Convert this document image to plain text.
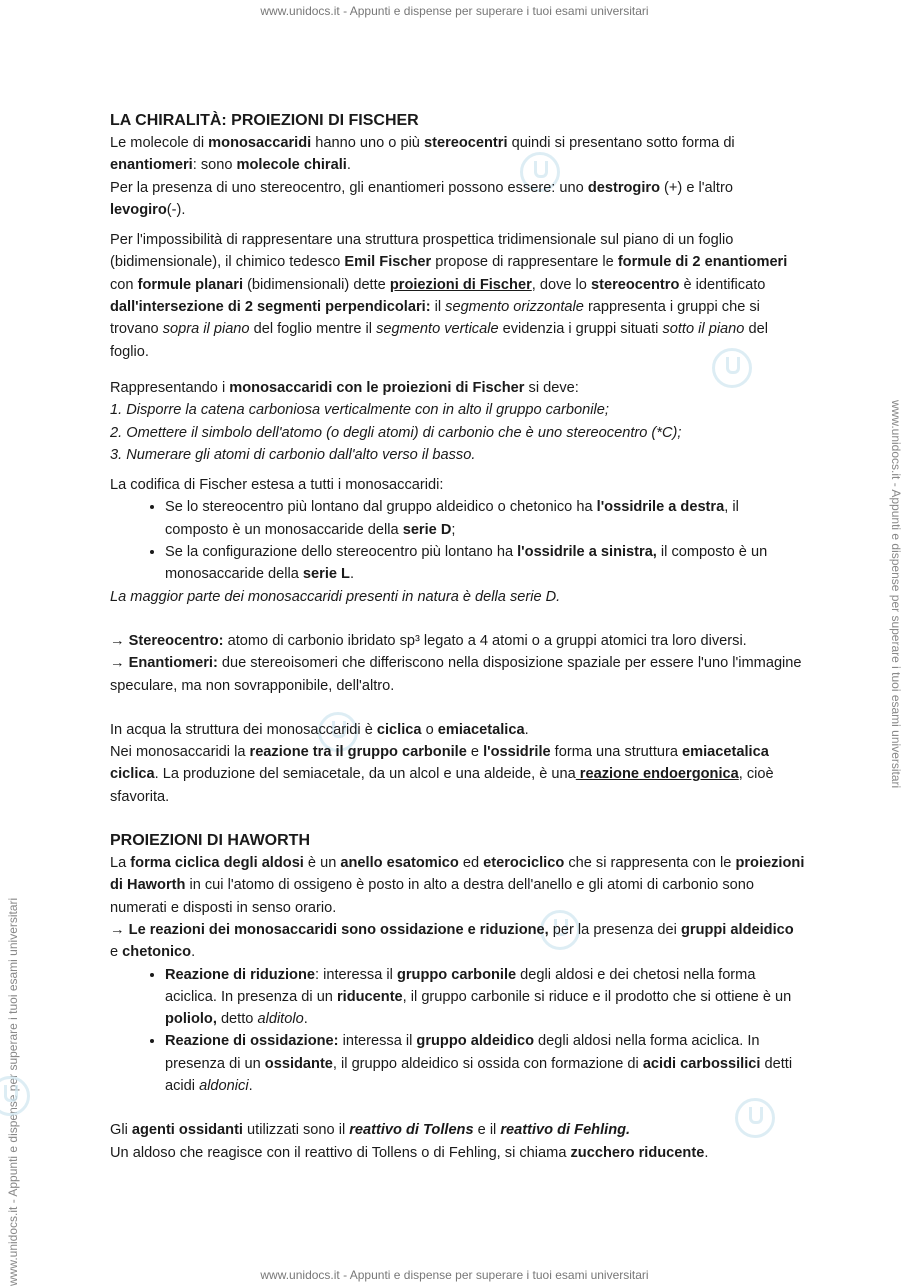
www.unidocs.it - Appunti e dispense per superare i tuoi esami universitari
www.unidocs.it - Appunti e dispense per superare i tuoi esami universitari
www.unidocs.it - Appunti e dispense per superare i tuoi esami universitari
www.unidocs.it - Appunti e dispense per superare i tuoi esami universitari
LA CHIRALITÀ: PROIEZIONI DI FISCHER

Le molecole di monosaccaridi hanno uno o più stereocentri quindi si presentano sotto forma di enantiomeri: sono molecole chirali.

Per la presenza di uno stereocentro, gli enantiomeri possono essere: uno destrogiro (+) e l'altro levogiro(-).

Per l'impossibilità di rappresentare una struttura prospettica tridimensionale sul piano di un foglio (bidimensionale), il chimico tedesco Emil Fischer propose di rappresentare le formule di 2 enantiomeri con formule planari (bidimensionali) dette proiezioni di Fischer, dove lo stereocentro è identificato dall'intersezione di 2 segmenti perpendicolari: il segmento orizzontale rappresenta i gruppi che si trovano sopra il piano del foglio mentre il segmento verticale evidenzia i gruppi situati sotto il piano del foglio.

Rappresentando i monosaccaridi con le proiezioni di Fischer si deve:

1. Disporre la catena carboniosa verticalmente con in alto il gruppo carbonile;

2. Omettere il simbolo dell'atomo (o degli atomi) di carbonio che è uno stereocentro (*C);

3. Numerare gli atomi di carbonio dall'alto verso il basso.

La codifica di Fischer estesa a tutti i monosaccaridi:

• Se lo stereocentro più lontano dal gruppo aldeidico o chetonico ha l'ossidrile a destra, il composto è un monosaccaride della serie D;
• Se la configurazione dello stereocentro più lontano ha l'ossidrile a sinistra, il composto è un monosaccaride della serie L.

La maggior parte dei monosaccaridi presenti in natura è della serie D.

→ Stereocentro: atomo di carbonio ibridato sp³ legato a 4 atomi o a gruppi atomici tra loro diversi.

→ Enantiomeri: due stereoisomeri che differiscono nella disposizione spaziale per essere l'uno l'immagine speculare, ma non sovrapponibile, dell'altro.

In acqua la struttura dei monosaccaridi è ciclica o emiacetalica.

Nei monosaccaridi la reazione tra il gruppo carbonile e l'ossidrile forma una struttura emiacetalica ciclica. La produzione del semiacetale, da un alcol e una aldeide, è una reazione endoergonica, cioè sfavorita.

PROIEZIONI DI HAWORTH

La forma ciclica degli aldosi è un anello esatomico ed eterociclico che si rappresenta con le proiezioni di Haworth in cui l'atomo di ossigeno è posto in alto a destra dell'anello e gli atomi di carbonio sono numerati e disposti in senso orario.

→ Le reazioni dei monosaccaridi sono ossidazione e riduzione, per la presenza dei gruppi aldeidico e chetonico.

• Reazione di riduzione: interessa il gruppo carbonile degli aldosi e dei chetosi nella forma aciclica. In presenza di un riducente, il gruppo carbonile si riduce e il prodotto che si ottiene è un poliolo, detto alditolo.
• Reazione di ossidazione: interessa il gruppo aldeidico degli aldosi nella forma aciclica. In presenza di un ossidante, il gruppo aldeidico si ossida con formazione di acidi carbossilici detti acidi aldonici.

Gli agenti ossidanti utilizzati sono il reattivo di Tollens e il reattivo di Fehling.

Un aldoso che reagisce con il reattivo di Tollens o di Fehling, si chiama zucchero riducente.
